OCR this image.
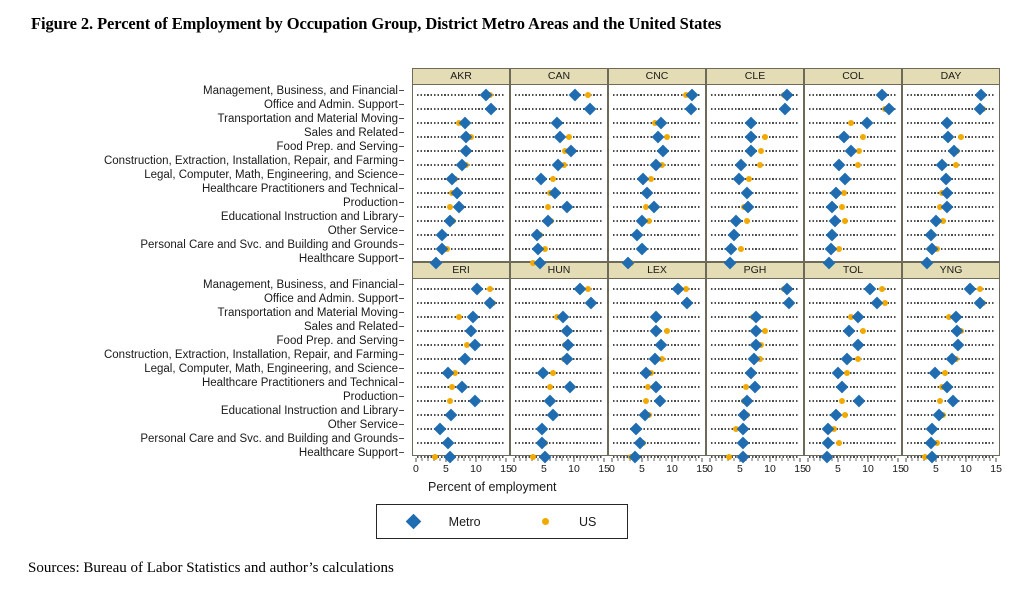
Figure 2. Percent of Employment by Occupation Group, District Metro Areas and the United States
Management, Business, and Financial
Office and Admin. Support
Transportation and Material Moving
Sales and Related
Food Prep. and Serving
Construction, Extraction, Installation, Repair, and Farming
Legal, Computer, Math, Engineering, and Science
Healthcare Practitioners and Technical
Production
Educational Instruction and Library
Other Service
Personal Care and Svc. and Building and Grounds
Healthcare Support
Management, Business, and Financial
Office and Admin. Support
Transportation and Material Moving
Sales and Related
Food Prep. and Serving
Construction, Extraction, Installation, Repair, and Farming
Legal, Computer, Math, Engineering, and Science
Healthcare Practitioners and Technical
Production
Educational Instruction and Library
Other Service
Personal Care and Svc. and Building and Grounds
Healthcare Support
AKR	CAN	CNC	CLE	COL	DAY
ERI	HUN	LEX	PGH	TOL	YNG
0 5 10 15 0 5 10 15 0 5 10 15 0 5 10 15 0 5 10 15 0 5 10 15
Percent of employment
Metro	US
Sources: Bureau of Labor Statistics and author’s calculations
